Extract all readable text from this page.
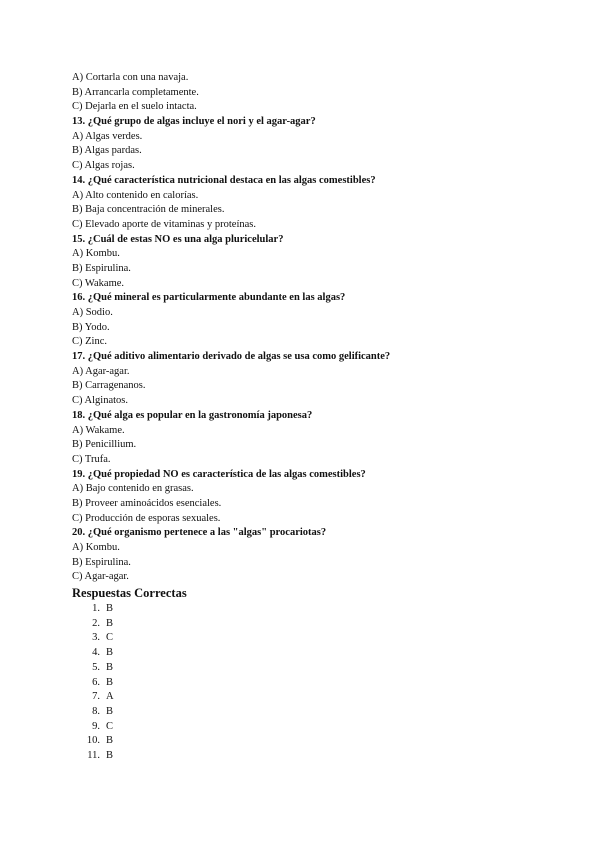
A) Cortarla con una navaja.
B) Arrancarla completamente.
C) Dejarla en el suelo intacta.
13. ¿Qué grupo de algas incluye el nori y el agar-agar?
A) Algas verdes.
B) Algas pardas.
C) Algas rojas.
14. ¿Qué característica nutricional destaca en las algas comestibles?
A) Alto contenido en calorías.
B) Baja concentración de minerales.
C) Elevado aporte de vitaminas y proteínas.
15. ¿Cuál de estas NO es una alga pluricelular?
A) Kombu.
B) Espirulina.
C) Wakame.
16. ¿Qué mineral es particularmente abundante en las algas?
A) Sodio.
B) Yodo.
C) Zinc.
17. ¿Qué aditivo alimentario derivado de algas se usa como gelificante?
A) Agar-agar.
B) Carragenanos.
C) Alginatos.
18. ¿Qué alga es popular en la gastronomía japonesa?
A) Wakame.
B) Penicillium.
C) Trufa.
19. ¿Qué propiedad NO es característica de las algas comestibles?
A) Bajo contenido en grasas.
B) Proveer aminoácidos esenciales.
C) Producción de esporas sexuales.
20. ¿Qué organismo pertenece a las "algas" procariotas?
A) Kombu.
B) Espirulina.
C) Agar-agar.
Respuestas Correctas
1. B
2. B
3. C
4. B
5. B
6. B
7. A
8. B
9. C
10. B
11. B
